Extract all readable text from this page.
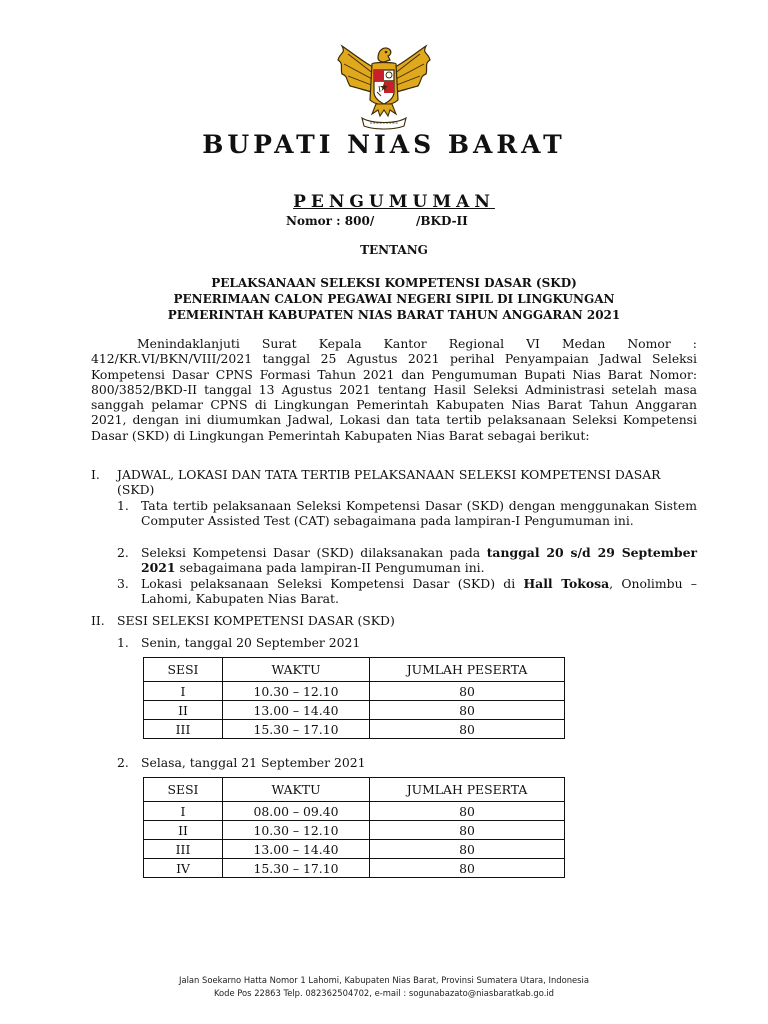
BUPATI NIAS BARAT
PENGUMUMAN
Nomor : 800/          /BKD-II
TENTANG
PELAKSANAAN SELEKSI KOMPETENSI DASAR (SKD)
PENERIMAAN CALON PEGAWAI NEGERI SIPIL DI LINGKUNGAN
PEMERINTAH KABUPATEN NIAS BARAT TAHUN ANGGARAN 2021

Menindaklanjuti Surat Kepala Kantor Regional VI Medan Nomor : 412/KR.VI/BKN/VIII/2021 tanggal 25 Agustus 2021 perihal Penyampaian Jadwal Seleksi Kompetensi Dasar CPNS Formasi Tahun 2021 dan Pengumuman Bupati Nias Barat Nomor: 800/3852/BKD-II tanggal 13 Agustus 2021 tentang Hasil Seleksi Administrasi setelah masa sanggah pelamar CPNS di Lingkungan Pemerintah Kabupaten Nias Barat Tahun Anggaran 2021, dengan ini diumumkan Jadwal, Lokasi dan tata tertib pelaksanaan Seleksi Kompetensi Dasar (SKD) di Lingkungan Pemerintah Kabupaten Nias Barat sebagai berikut:

I. JADWAL, LOKASI DAN TATA TERTIB PELAKSANAAN SELEKSI KOMPETENSI DASAR (SKD)
1. Tata tertib pelaksanaan Seleksi Kompetensi Dasar (SKD) dengan menggunakan Sistem Computer Assisted Test (CAT) sebagaimana pada lampiran-I Pengumuman ini.
2. Seleksi Kompetensi Dasar (SKD) dilaksanakan pada tanggal 20 s/d 29 September 2021 sebagaimana pada lampiran-II Pengumuman ini.
3. Lokasi pelaksanaan Seleksi Kompetensi Dasar (SKD) di Hall Tokosa, Onolimbu – Lahomi, Kabupaten Nias Barat.
II. SESI SELEKSI KOMPETENSI DASAR (SKD)
1. Senin, tanggal 20 September 2021
SESI	WAKTU	JUMLAH PESERTA
I	10.30 – 12.10	80
II	13.00 – 14.40	80
III	15.30 – 17.10	80
2. Selasa, tanggal 21 September 2021
SESI	WAKTU	JUMLAH PESERTA
I	08.00 – 09.40	80
II	10.30 – 12.10	80
III	13.00 – 14.40	80
IV	15.30 – 17.10	80
Jalan Soekarno Hatta Nomor 1 Lahomi, Kabupaten Nias Barat, Provinsi Sumatera Utara, Indonesia
Kode Pos 22863 Telp. 082362504702, e-mail : sogunabazato@niasbaratkab.go.id
